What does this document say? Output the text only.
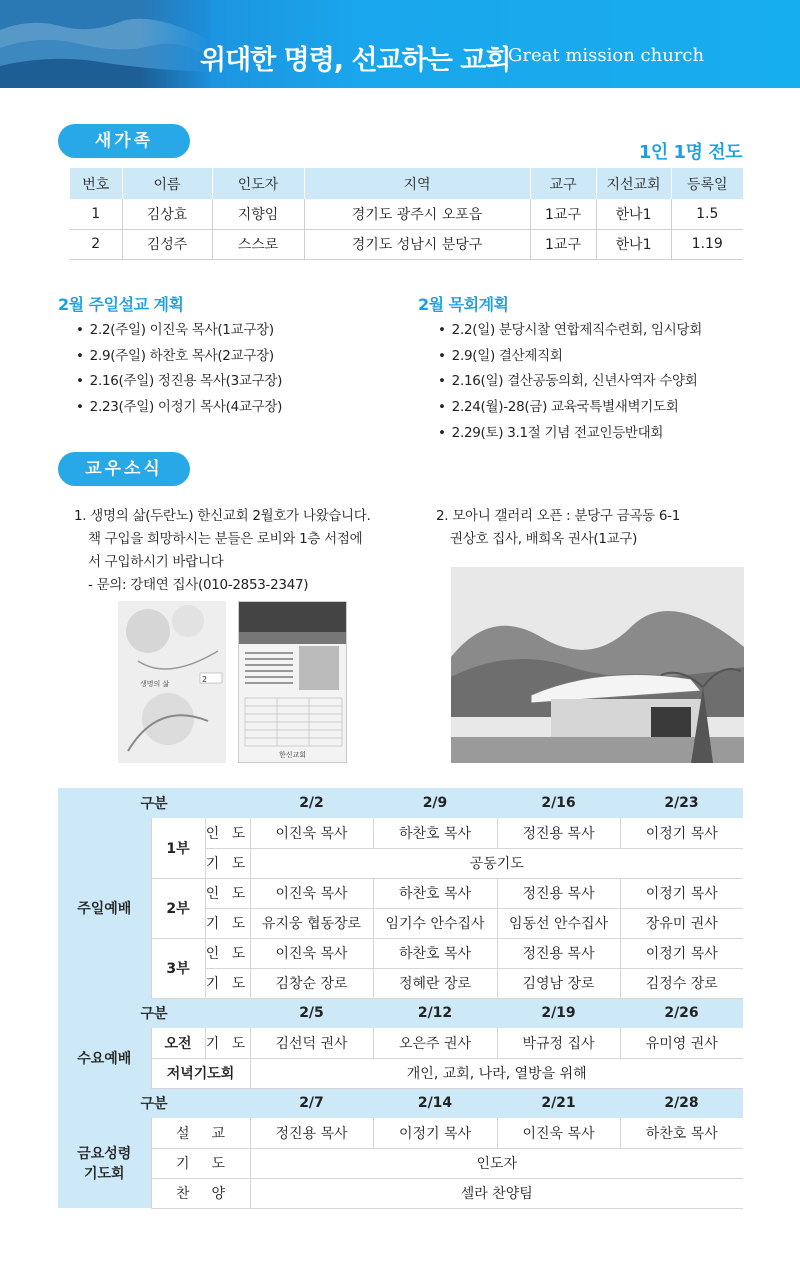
위대한 명령, 선교하는 교회
Great mission church
새가족
1인 1명 전도
번호	이름	인도자	지역	교구	지선교회	등록일
1	김상효	지향임	경기도 광주시 오포읍	1교구	한나1	1.5
2	김성주	스스로	경기도 성남시 분당구	1교구	한나1	1.19
2월 주일설교 계획
• 2.2(주일) 이진욱 목사(1교구장)
• 2.9(주일) 하찬호 목사(2교구장)
• 2.16(주일) 정진용 목사(3교구장)
• 2.23(주일) 이정기 목사(4교구장)
2월 목회계획
• 2.2(일) 분당시찰 연합제직수련회, 임시당회
• 2.9(일) 결산제직회
• 2.16(일) 결산공동의회, 신년사역자 수양회
• 2.24(월)-28(금) 교육국특별새벽기도회
• 2.29(토) 3.1절 기념 전교인등반대회
교우소식
1. 생명의 삶(두란노) 한신교회 2월호가 나왔습니다.
책 구입을 희망하시는 분들은 로비와 1층 서점에
서 구입하시기 바랍니다
- 문의: 강태연 집사(010-2853-2347)
2. 모아니 갤러리 오픈 : 분당구 금곡동 6-1
권상호 집사, 배희옥 권사(1교구)
생명의 삶	2
한신교회
구분			2/2	2/9	2/16	2/23
주일예배	1부	인 도	이진욱 목사	하찬호 목사	정진용 목사	이정기 목사
		기 도	공동기도			
	2부	인 도	이진욱 목사	하찬호 목사	정진용 목사	이정기 목사
		기 도	유지웅 협동장로	임기수 안수집사	임동선 안수집사	장유미 권사
	3부	인 도	이진욱 목사	하찬호 목사	정진용 목사	이정기 목사
		기 도	김창순 장로	정혜란 장로	김영남 장로	김정수 장로
구분			2/5	2/12	2/19	2/26
수요예배	오전	기 도	김선덕 권사	오은주 권사	박규정 집사	유미영 권사
	저녁기도회		개인, 교회, 나라, 열방을 위해			
구분			2/7	2/14	2/21	2/28

금요성령
기도회	설교		정진용 목사	이정기 목사	이진욱 목사	하찬호 목사
	기도		인도자			
	찬양		셀라 찬양팀			
